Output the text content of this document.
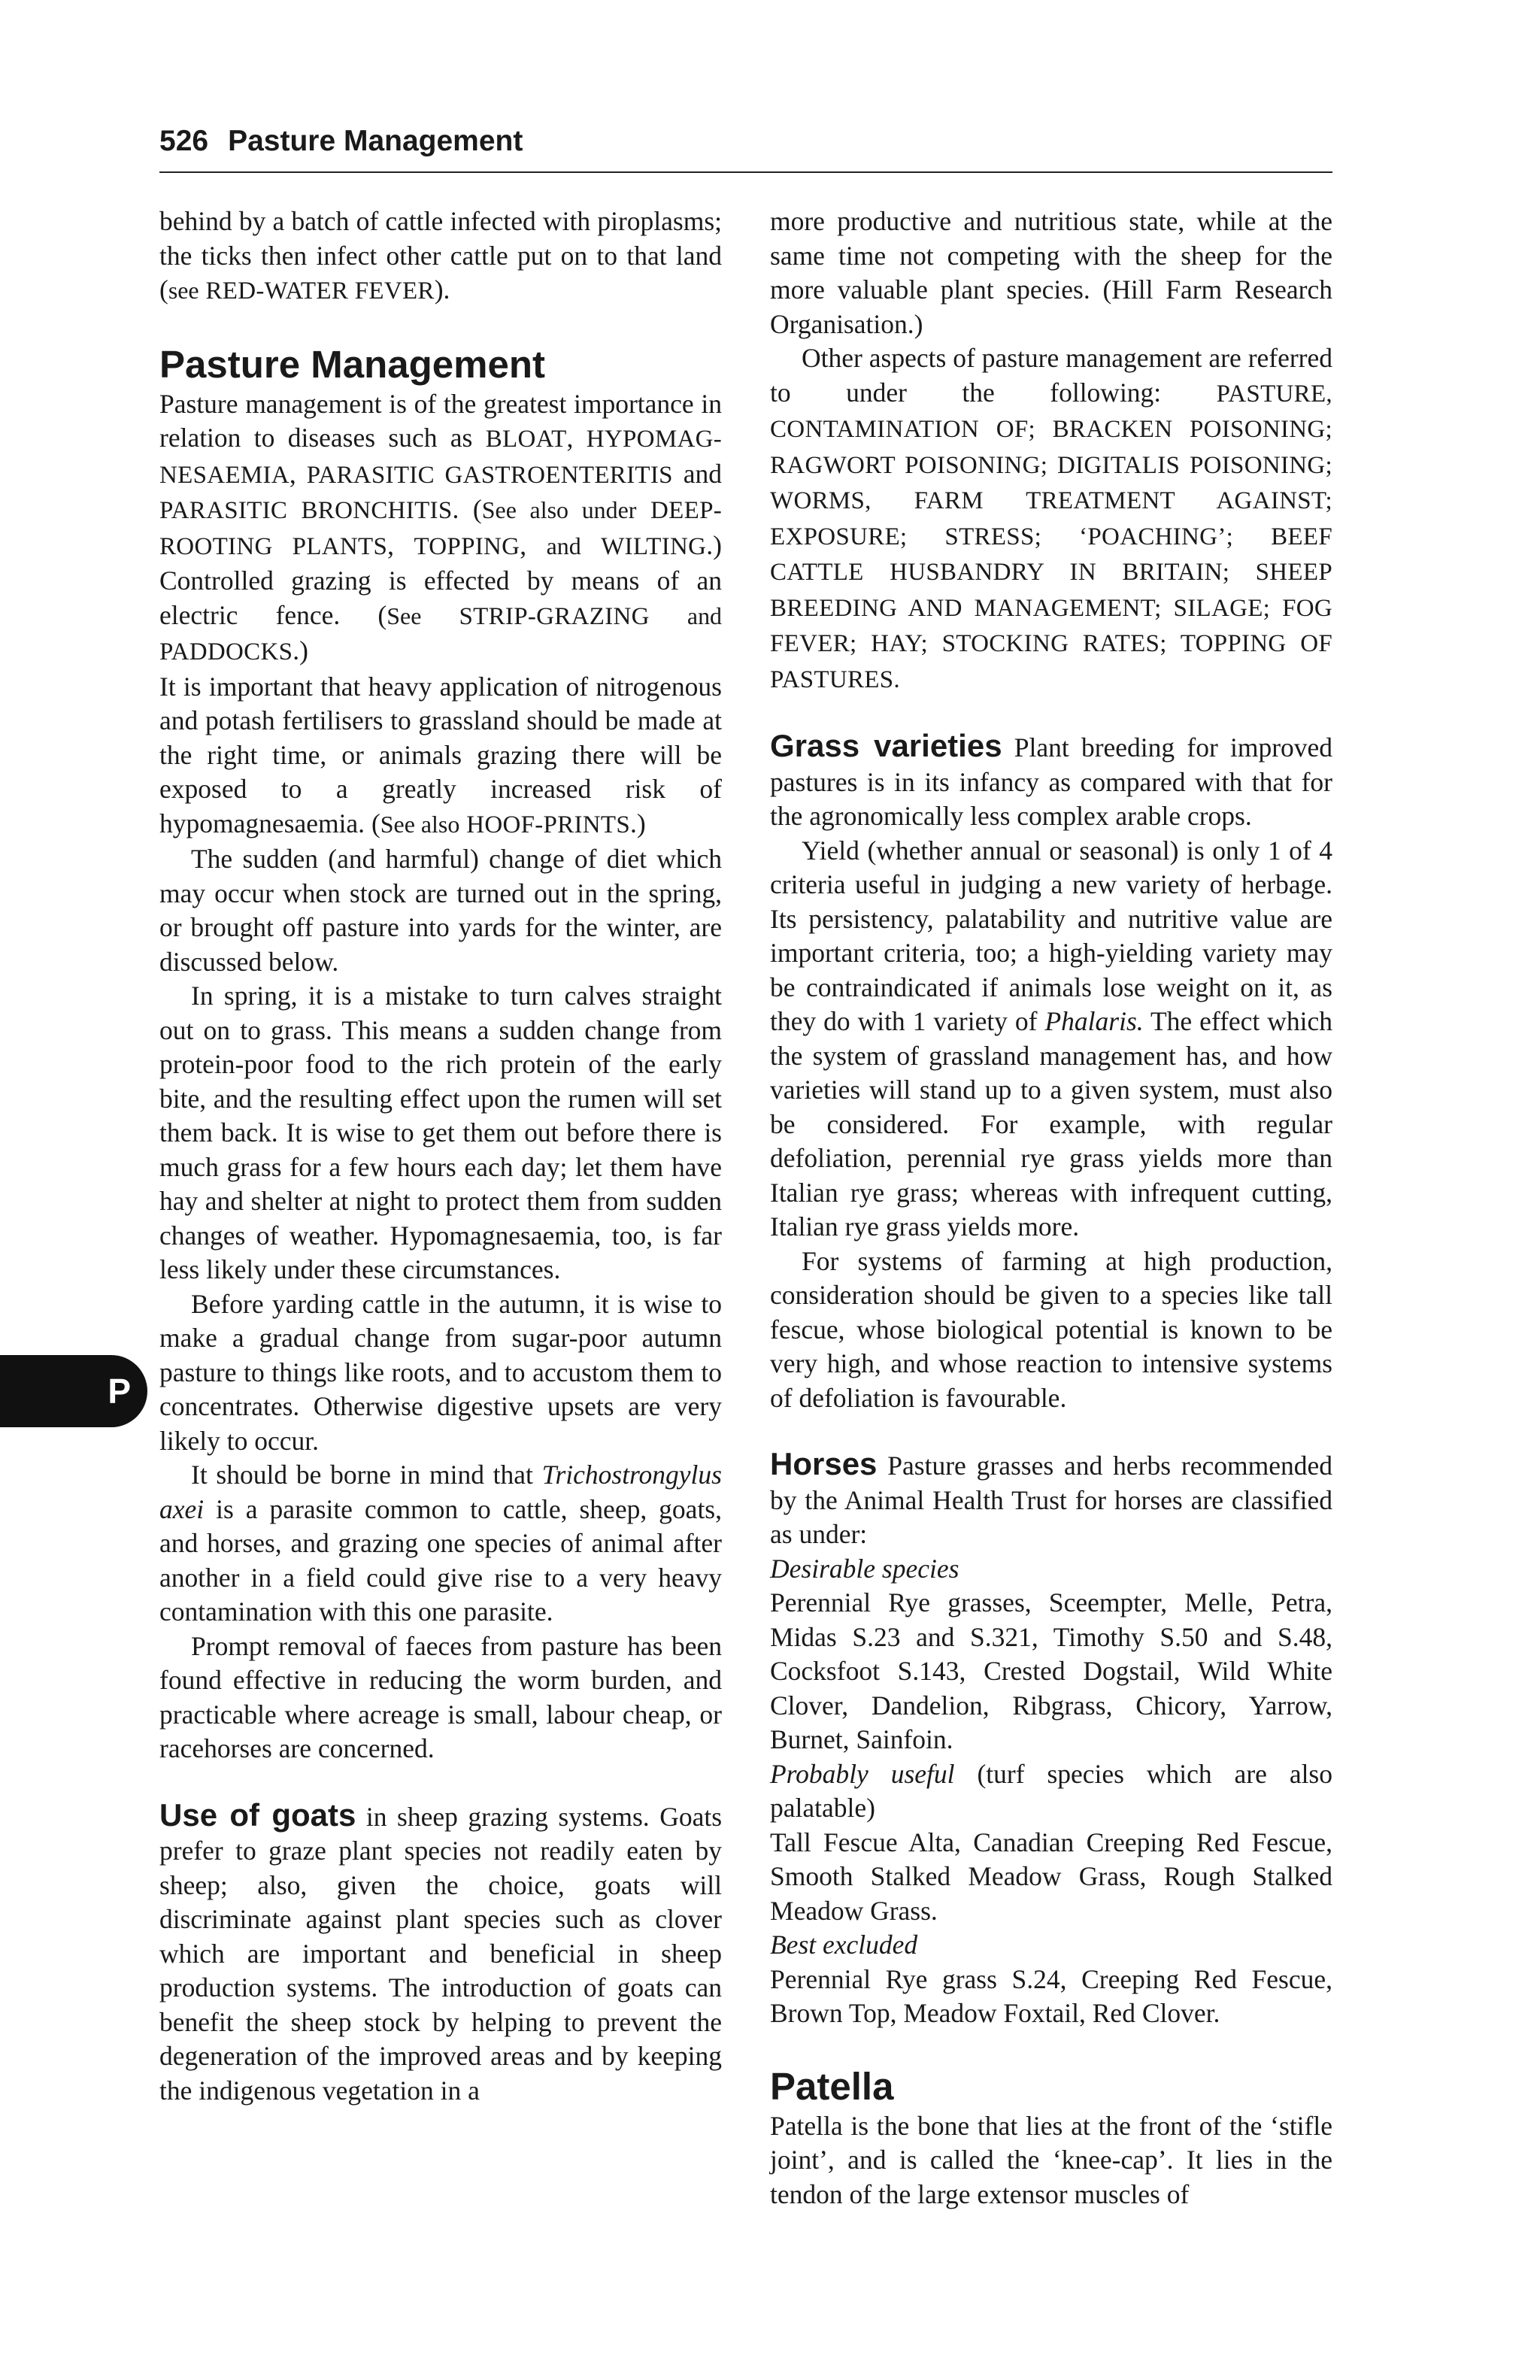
526 Pasture Management
P

behind by a batch of cattle infected with piroplasms; the ticks then infect other cattle put on to that land (see RED-WATER FEVER).

Pasture Management

Pasture management is of the greatest importance in relation to diseases such as BLOAT, HYPOMAG-NESAEMIA, PARASITIC GASTROENTERITIS and PARASITIC BRONCHITIS. (See also under DEEP-ROOTING PLANTS, TOPPING, and WILTING.) Controlled grazing is effected by means of an electric fence. (See STRIP-GRAZING and PADDOCKS.)

It is important that heavy application of nitrogenous and potash fertilisers to grassland should be made at the right time, or animals grazing there will be exposed to a greatly increased risk of hypomagnesaemia. (See also HOOF-PRINTS.)

The sudden (and harmful) change of diet which may occur when stock are turned out in the spring, or brought off pasture into yards for the winter, are discussed below.

In spring, it is a mistake to turn calves straight out on to grass. This means a sudden change from protein-poor food to the rich protein of the early bite, and the resulting effect upon the rumen will set them back. It is wise to get them out before there is much grass for a few hours each day; let them have hay and shelter at night to protect them from sudden changes of weather. Hypomagnesaemia, too, is far less likely under these circumstances.

Before yarding cattle in the autumn, it is wise to make a gradual change from sugar-poor autumn pasture to things like roots, and to accustom them to concentrates. Otherwise digestive upsets are very likely to occur.

It should be borne in mind that Trichostrongylus axei is a parasite common to cattle, sheep, goats, and horses, and grazing one species of animal after another in a field could give rise to a very heavy contamination with this one parasite.

Prompt removal of faeces from pasture has been found effective in reducing the worm burden, and practicable where acreage is small, labour cheap, or racehorses are concerned.

Use of goats in sheep grazing systems. Goats prefer to graze plant species not readily eaten by sheep; also, given the choice, goats will discriminate against plant species such as clover which are important and beneficial in sheep production systems. The introduction of goats can benefit the sheep stock by helping to prevent the degeneration of the improved areas and by keeping the indigenous vegetation in a

more productive and nutritious state, while at the same time not competing with the sheep for the more valuable plant species. (Hill Farm Research Organisation.)

Other aspects of pasture management are referred to under the following: PASTURE, CONTAMINATION OF; BRACKEN POISONING; RAGWORT POISONING; DIGITALIS POISONING; WORMS, FARM TREATMENT AGAINST; EXPOSURE; STRESS; ‘POACHING’; BEEF CATTLE HUSBANDRY IN BRITAIN; SHEEP BREEDING AND MANAGEMENT; SILAGE; FOG FEVER; HAY; STOCKING RATES; TOPPING OF PASTURES.

Grass varieties Plant breeding for improved pastures is in its infancy as compared with that for the agronomically less complex arable crops.

Yield (whether annual or seasonal) is only 1 of 4 criteria useful in judging a new variety of herbage. Its persistency, palatability and nutritive value are important criteria, too; a high-yielding variety may be contraindicated if animals lose weight on it, as they do with 1 variety of Phalaris. The effect which the system of grassland management has, and how varieties will stand up to a given system, must also be considered. For example, with regular defoliation, perennial rye grass yields more than Italian rye grass; whereas with infrequent cutting, Italian rye grass yields more.

For systems of farming at high production, consideration should be given to a species like tall fescue, whose biological potential is known to be very high, and whose reaction to intensive systems of defoliation is favourable.

Horses Pasture grasses and herbs recommended by the Animal Health Trust for horses are classified as under:

Desirable species

Perennial Rye grasses, Sceempter, Melle, Petra, Midas S.23 and S.321, Timothy S.50 and S.48, Cocksfoot S.143, Crested Dogstail, Wild White Clover, Dandelion, Ribgrass, Chicory, Yarrow, Burnet, Sainfoin.

Probably useful (turf species which are also palatable)

Tall Fescue Alta, Canadian Creeping Red Fescue, Smooth Stalked Meadow Grass, Rough Stalked Meadow Grass.

Best excluded

Perennial Rye grass S.24, Creeping Red Fescue, Brown Top, Meadow Foxtail, Red Clover.

Patella

Patella is the bone that lies at the front of the ‘stifle joint’, and is called the ‘knee-cap’. It lies in the tendon of the large extensor muscles of
